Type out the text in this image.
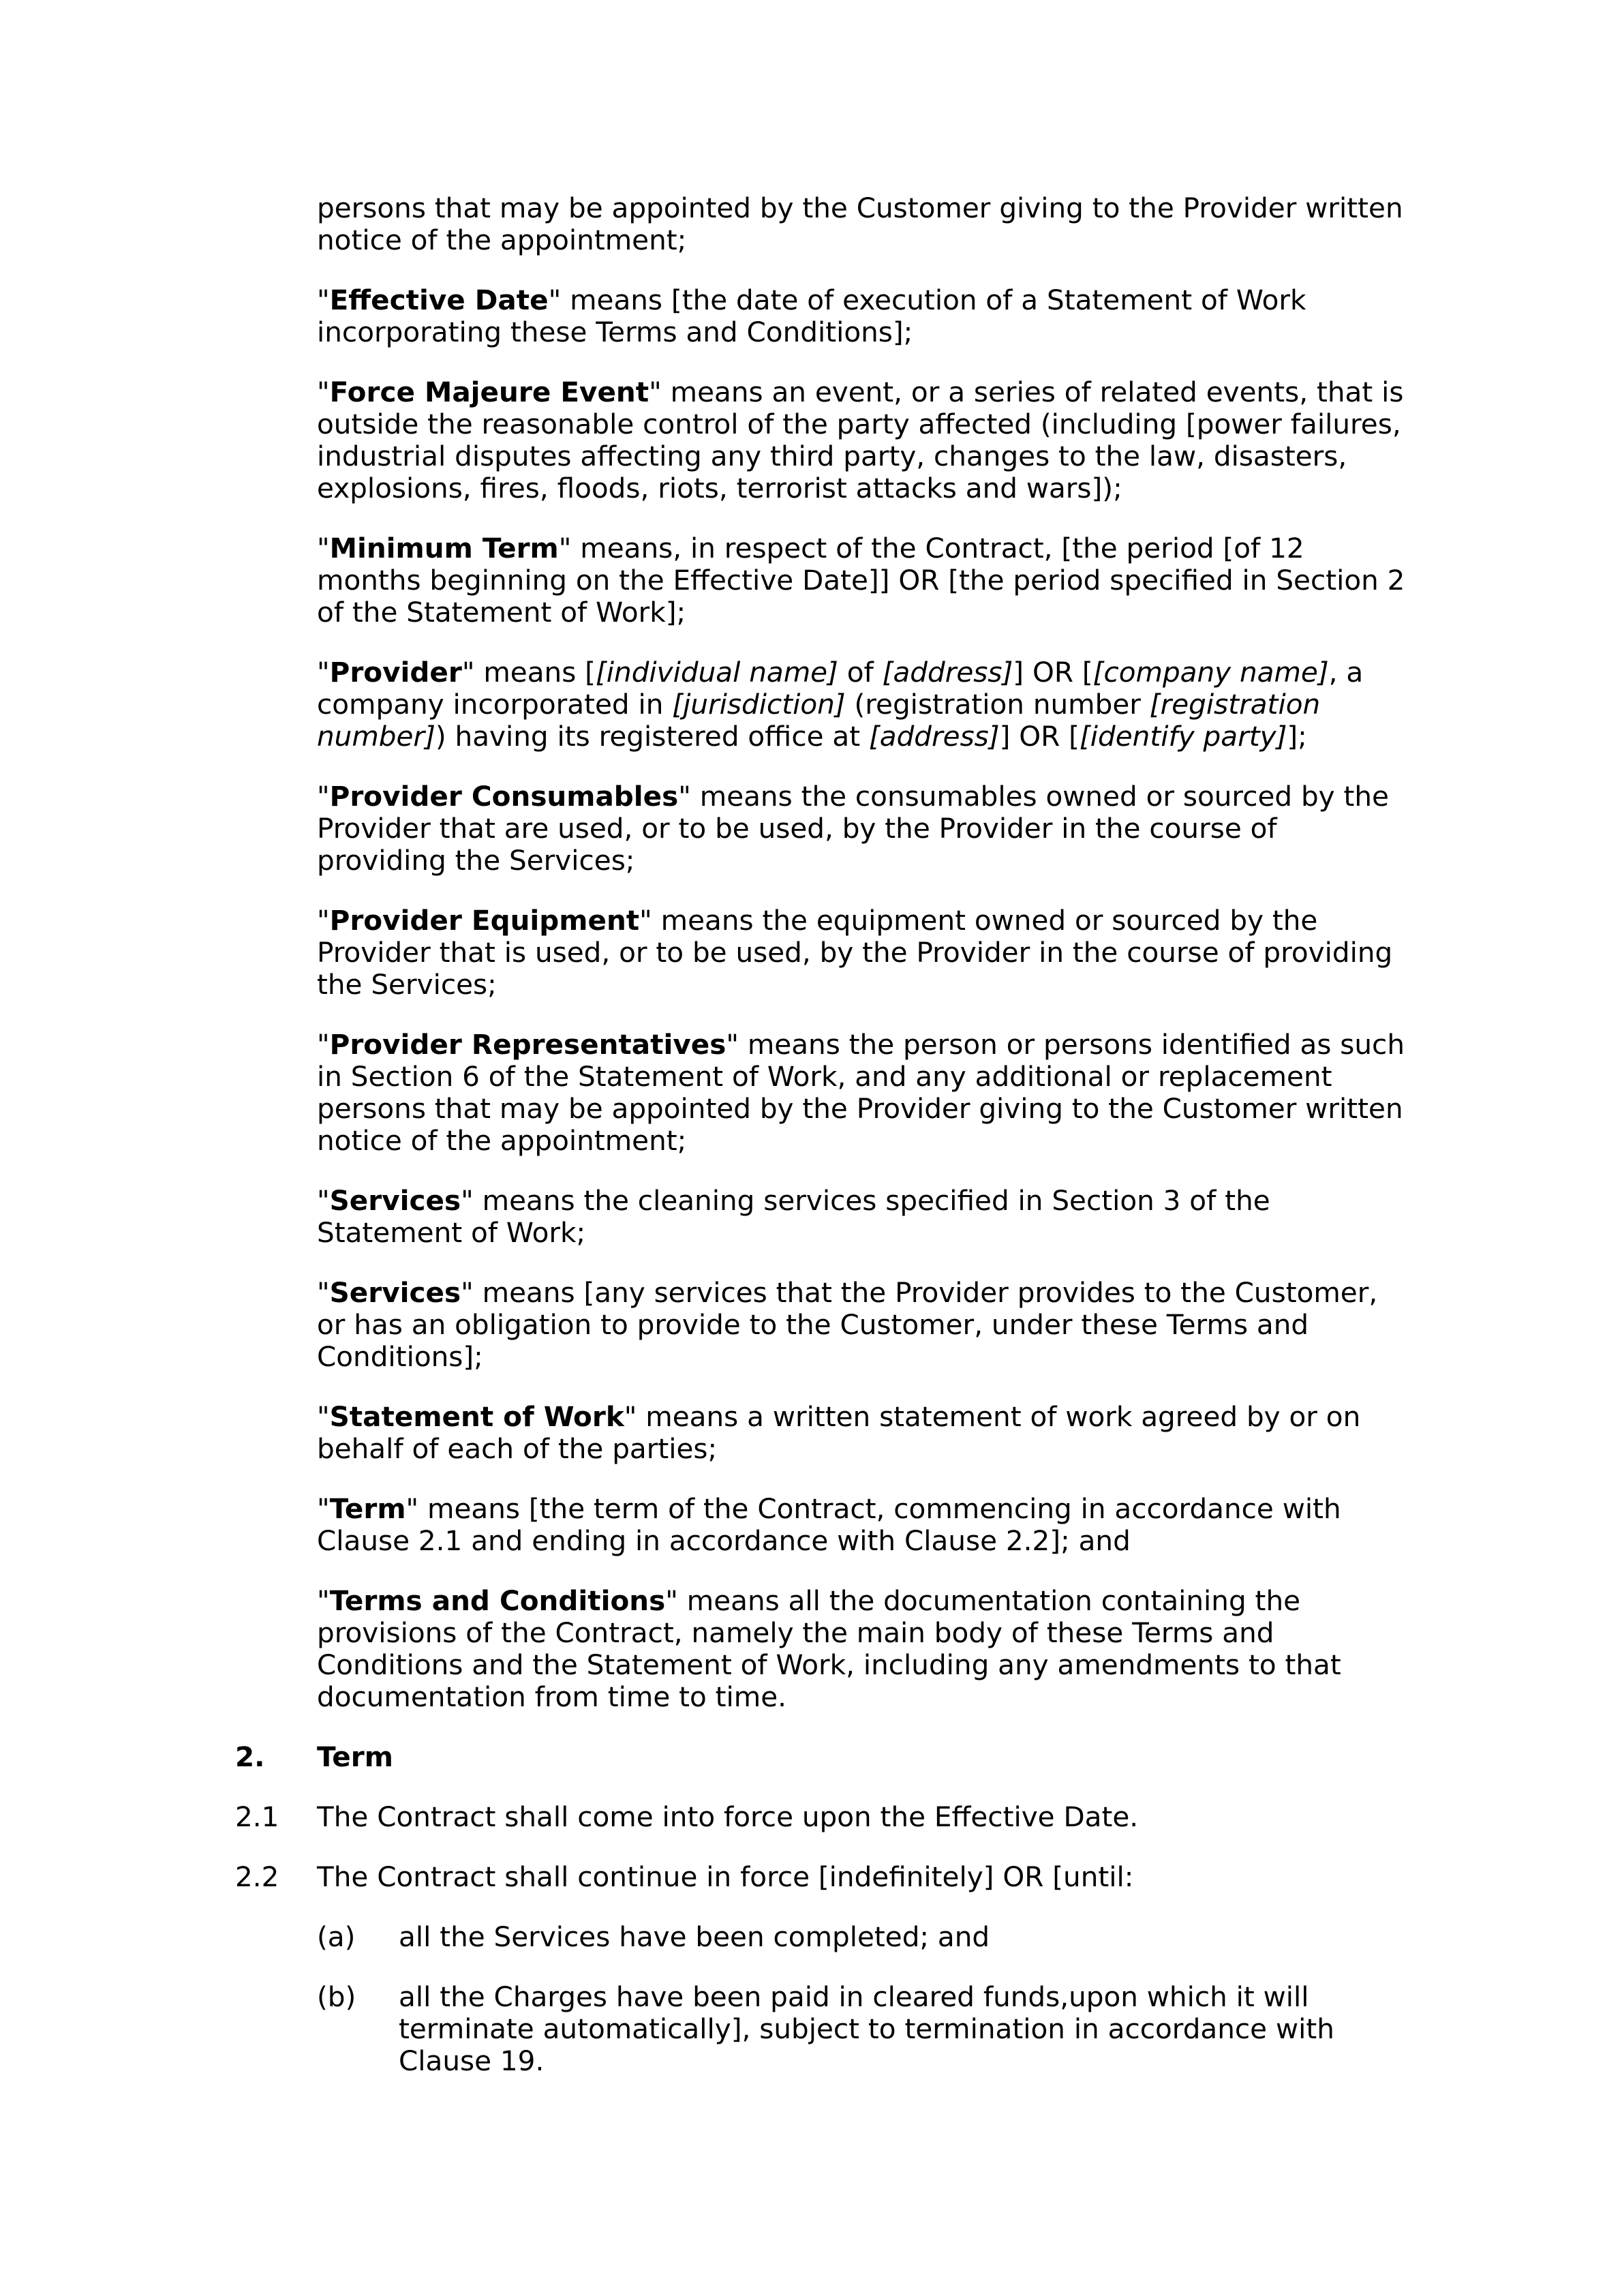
persons that may be appointed by the Customer giving to the Provider written notice of the appointment;

"Effective Date" means [the date of execution of a Statement of Work incorporating these Terms and Conditions];

"Force Majeure Event" means an event, or a series of related events, that is outside the reasonable control of the party affected (including [power failures, industrial disputes affecting any third party, changes to the law, disasters, explosions, fires, floods, riots, terrorist attacks and wars]);

"Minimum Term" means, in respect of the Contract, [the period [of 12 months beginning on the Effective Date]] OR [the period specified in Section 2 of the Statement of Work];

"Provider" means [[individual name] of [address]] OR [[company name], a company incorporated in [jurisdiction] (registration number [registration number]) having its registered office at [address]] OR [[identify party]];

"Provider Consumables" means the consumables owned or sourced by the Provider that are used, or to be used, by the Provider in the course of providing the Services;

"Provider Equipment" means the equipment owned or sourced by the Provider that is used, or to be used, by the Provider in the course of providing the Services;

"Provider Representatives" means the person or persons identified as such in Section 6 of the Statement of Work, and any additional or replacement persons that may be appointed by the Provider giving to the Customer written notice of the appointment;

"Services" means the cleaning services specified in Section 3 of the Statement of Work;

"Services" means [any services that the Provider provides to the Customer, or has an obligation to provide to the Customer, under these Terms and Conditions];

"Statement of Work" means a written statement of work agreed by or on behalf of each of the parties;

"Term" means [the term of the Contract, commencing in accordance with Clause 2.1 and ending in accordance with Clause 2.2]; and

"Terms and Conditions" means all the documentation containing the provisions of the Contract, namely the main body of these Terms and Conditions and the Statement of Work, including any amendments to that documentation from time to time.

2. Term
2.1 The Contract shall come into force upon the Effective Date.
2.2 The Contract shall continue in force [indefinitely] OR [until:
(a) all the Services have been completed; and
(b) all the Charges have been paid in cleared funds,upon which it will terminate automatically], subject to termination in accordance with Clause 19.
